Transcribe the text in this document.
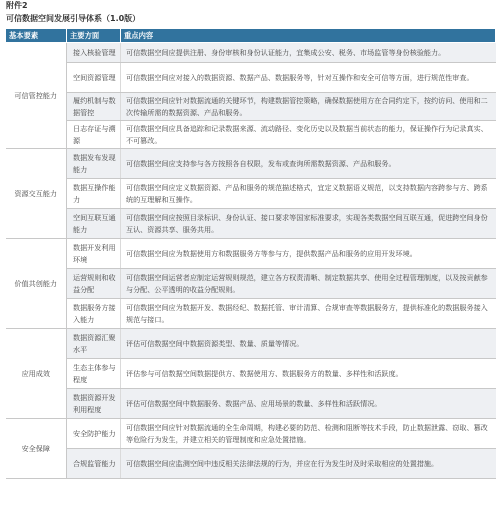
附件2
可信数据空间发展引导体系（1.0版）
基本要素	主要方面	重点内容
可信管控能力	接入核验管理	可信数据空间应提供注册、身份审核和身份认证能力，宜集成公安、税务、市场监管等身份核验能力。
	空间资源管理	可信数据空间应对接入的数据资源、数据产品、数据服务等，针对互操作和安全可信等方面，进行规范性审查。
	履约机制与数据管控	可信数据空间应针对数据流通的关键环节，构建数据管控策略，确保数据使用方在合同约定下，按约访问、使用和二次传输所需的数据资源、产品和服务。
	日志存证与溯源	可信数据空间应具备追踪和记录数据来源、流动路径、变化历史以及数据当前状态的能力，保证操作行为记录真实、不可篡改。
资源交互能力	数据发布发现能力	可信数据空间应支持参与各方按照各自权限，发布或查询所需数据资源、产品和服务。
	数据互操作能力	可信数据空间应定义数据资源、产品和服务的规范描述格式，宜定义数据语义规范，以支持数据内容跨参与方、跨系统的互理解和互操作。
	空间互联互通能力	可信数据空间应按照目录标识、身份认证、接口要求等国家标准要求，实现各类数据空间互联互通，促进跨空间身份互认、资源共享、服务共用。
价值共创能力	数据开发利用环境	可信数据空间应为数据使用方和数据服务方等参与方，提供数据产品和服务的应用开发环境。
	运营规则和收益分配	可信数据空间运营者应制定运营规则规范，建立各方权责清晰、制定数据共享、使用全过程管理制度，以及按贡献参与分配、公平透明的收益分配规则。
	数据服务方接入能力	可信数据空间应为数据开发、数据经纪、数据托管、审计清算、合规审查等数据服务方，提供标准化的数据服务接入规范与接口。
应用成效	数据资源汇聚水平	评估可信数据空间中数据资源类型、数量、质量等情况。
	生态主体参与程度	评估参与可信数据空间数据提供方、数据使用方、数据服务方的数量、多样性和活跃度。
	数据资源开发利用程度	评估可信数据空间中数据服务、数据产品、应用场景的数量、多样性和活跃情况。
安全保障	安全防护能力	可信数据空间应针对数据流通的全生命周期，构建必要的防范、检测和阻断等技术手段，防止数据泄露、窃取、篡改等危险行为发生，并建立相关的管理制度和应急处置措施。
	合规监管能力	可信数据空间应监测空间中违反相关法律法规的行为，并应在行为发生时及时采取相应的处置措施。
